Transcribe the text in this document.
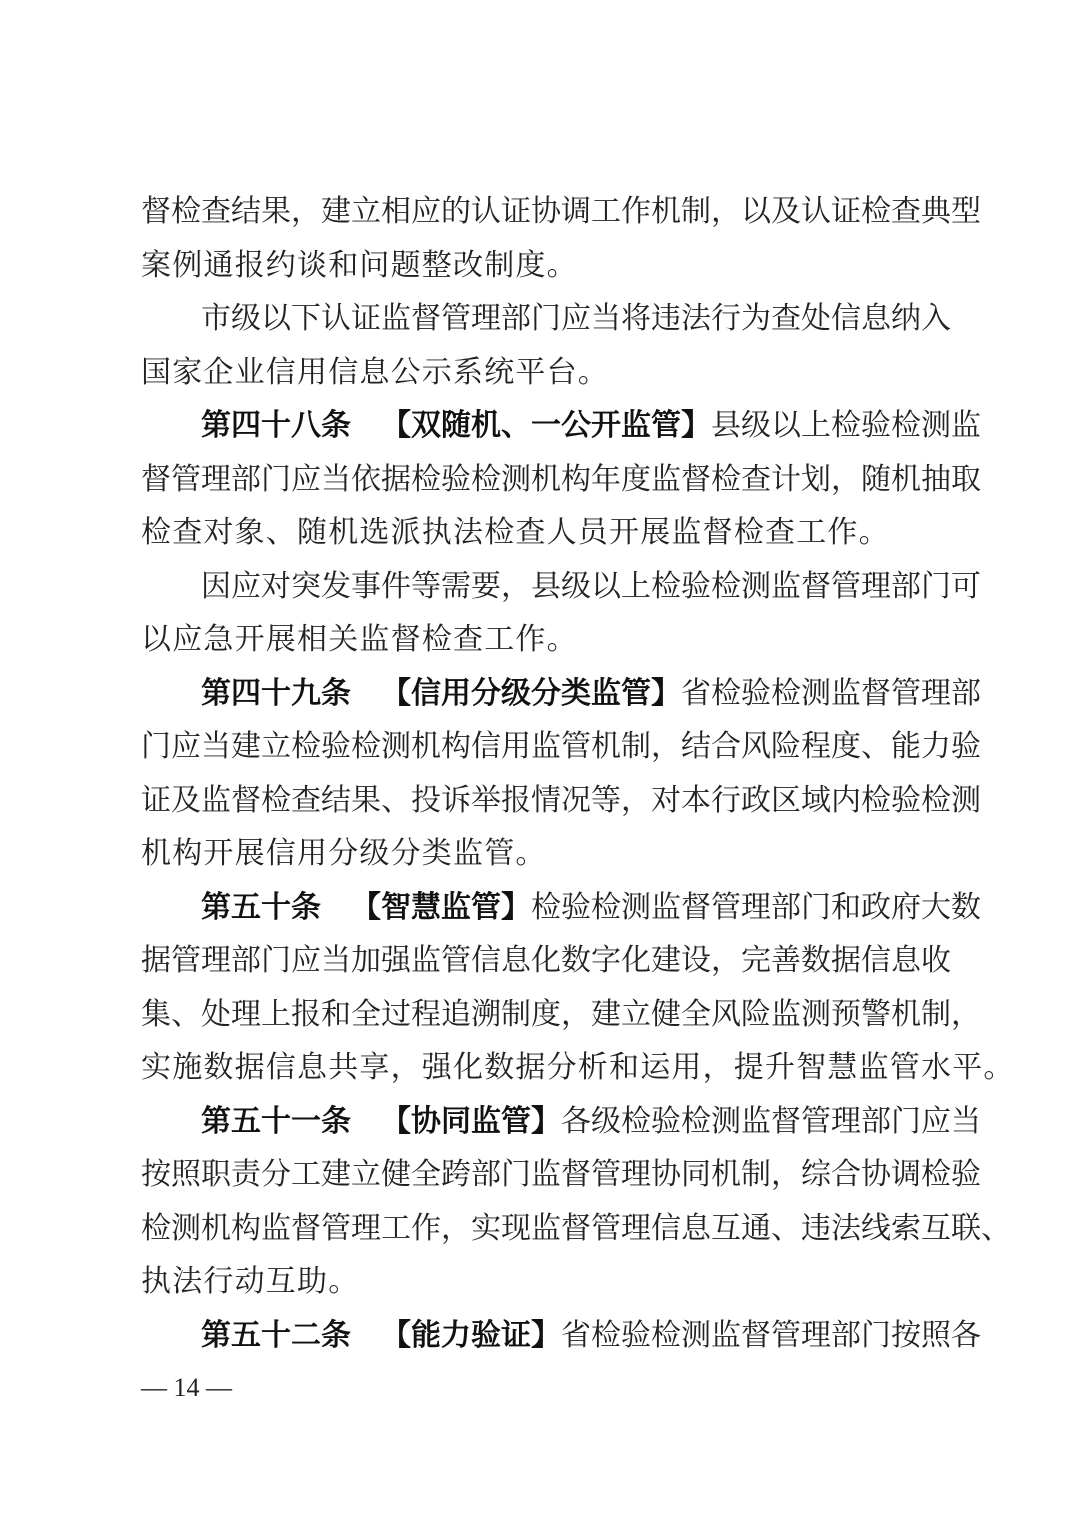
督检查结果，建立相应的认证协调工作机制，以及认证检查典型
案例通报约谈和问题整改制度。
市级以下认证监督管理部门应当将违法行为查处信息纳入
国家企业信用信息公示系统平台。
第四十八条 【双随机、一公开监管】县级以上检验检测监
督管理部门应当依据检验检测机构年度监督检查计划，随机抽取
检查对象、随机选派执法检查人员开展监督检查工作。
因应对突发事件等需要，县级以上检验检测监督管理部门可
以应急开展相关监督检查工作。
第四十九条 【信用分级分类监管】省检验检测监督管理部
门应当建立检验检测机构信用监管机制，结合风险程度、能力验
证及监督检查结果、投诉举报情况等，对本行政区域内检验检测
机构开展信用分级分类监管。
第五十条 【智慧监管】检验检测监督管理部门和政府大数
据管理部门应当加强监管信息化数字化建设，完善数据信息收
集、处理上报和全过程追溯制度，建立健全风险监测预警机制，
实施数据信息共享，强化数据分析和运用，提升智慧监管水平。
第五十一条 【协同监管】各级检验检测监督管理部门应当
按照职责分工建立健全跨部门监督管理协同机制，综合协调检验
检测机构监督管理工作，实现监督管理信息互通、违法线索互联、
执法行动互助。
第五十二条 【能力验证】省检验检测监督管理部门按照各
— 14 —
